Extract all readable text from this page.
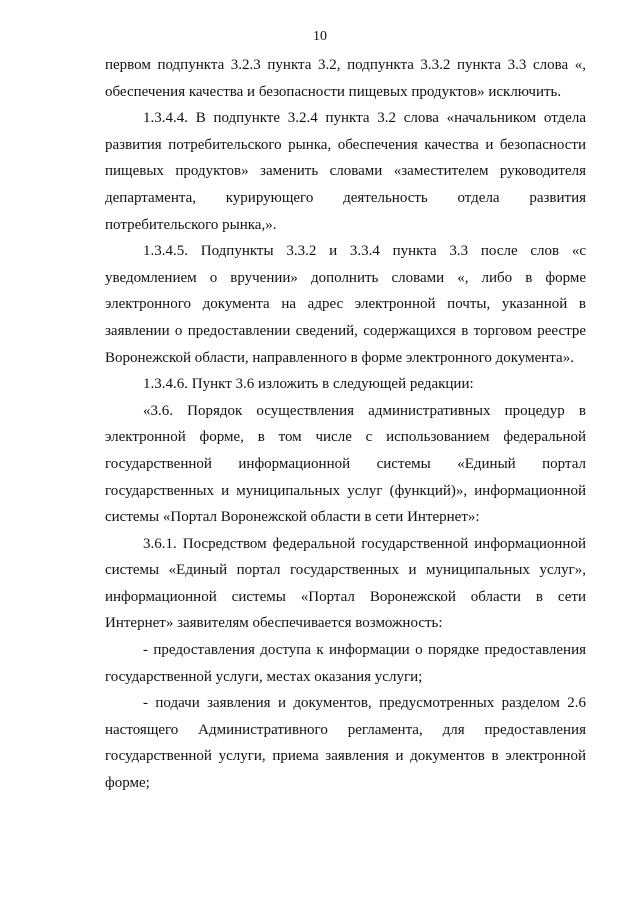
10

первом подпункта 3.2.3 пункта 3.2, подпункта 3.3.2 пункта 3.3 слова «, обеспечения качества и безопасности пищевых продуктов» исключить.

1.3.4.4. В подпункте 3.2.4 пункта 3.2 слова «начальником отдела развития потребительского рынка, обеспечения качества и безопасности пищевых продуктов» заменить словами «заместителем руководителя департамента, курирующего деятельность отдела развития потребительского рынка,».

1.3.4.5. Подпункты 3.3.2 и 3.3.4 пункта 3.3 после слов «с уведомлением о вручении» дополнить словами «, либо в форме электронного документа на адрес электронной почты, указанной в заявлении о предоставлении сведений, содержащихся в торговом реестре Воронежской области, направленного в форме электронного документа».

1.3.4.6. Пункт 3.6 изложить в следующей редакции:

«3.6. Порядок осуществления административных процедур в электронной форме, в том числе с использованием федеральной государственной информационной системы «Единый портал государственных и муниципальных услуг (функций)», информационной системы «Портал Воронежской области в сети Интернет»:

3.6.1. Посредством федеральной государственной информационной системы «Единый портал государственных и муниципальных услуг», информационной системы «Портал Воронежской области в сети Интернет» заявителям обеспечивается возможность:

- предоставления доступа к информации о порядке предоставления государственной услуги, местах оказания услуги;

- подачи заявления и документов, предусмотренных разделом 2.6 настоящего Административного регламента, для предоставления государственной услуги, приема заявления и документов в электронной форме;
